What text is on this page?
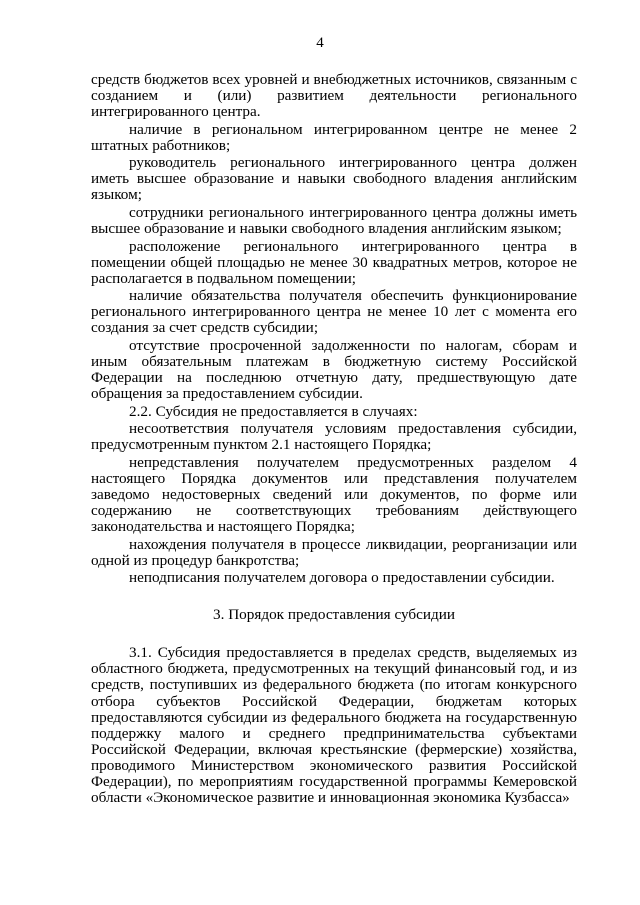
4

средств бюджетов всех уровней и внебюджетных источников, связанным с созданием и (или) развитием деятельности регионального интегрированного центра.

наличие в региональном интегрированном центре не менее 2 штатных работников;

руководитель регионального интегрированного центра должен иметь высшее образование и навыки свободного владения английским языком;

сотрудники регионального интегрированного центра должны иметь высшее образование и навыки свободного владения английским языком;

расположение регионального интегрированного центра в помещении общей площадью не менее 30 квадратных метров, которое не располагается в подвальном помещении;

наличие обязательства получателя обеспечить функционирование регионального интегрированного центра не менее 10 лет с момента его создания за счет средств субсидии;

отсутствие просроченной задолженности по налогам, сборам и иным обязательным платежам в бюджетную систему Российской Федерации на последнюю отчетную дату, предшествующую дате обращения за предоставлением субсидии.

2.2. Субсидия не предоставляется в случаях:

несоответствия получателя условиям предоставления субсидии, предусмотренным пунктом 2.1 настоящего Порядка;

непредставления получателем предусмотренных разделом 4 настоящего Порядка документов или представления получателем заведомо недостоверных сведений или документов, по форме или содержанию не соответствующих требованиям действующего законодательства и настоящего Порядка;

нахождения получателя в процессе ликвидации, реорганизации или одной из процедур банкротства;

неподписания получателем договора о предоставлении субсидии.

3. Порядок предоставления субсидии

3.1. Субсидия предоставляется в пределах средств, выделяемых из областного бюджета, предусмотренных на текущий финансовый год, и из средств, поступивших из федерального бюджета (по итогам конкурсного отбора субъектов Российской Федерации, бюджетам которых предоставляются субсидии из федерального бюджета на государственную поддержку малого и среднего предпринимательства субъектами Российской Федерации, включая крестьянские (фермерские) хозяйства, проводимого Министерством экономического развития Российской Федерации), по мероприятиям государственной программы Кемеровской области «Экономическое развитие и инновационная экономика Кузбасса»
